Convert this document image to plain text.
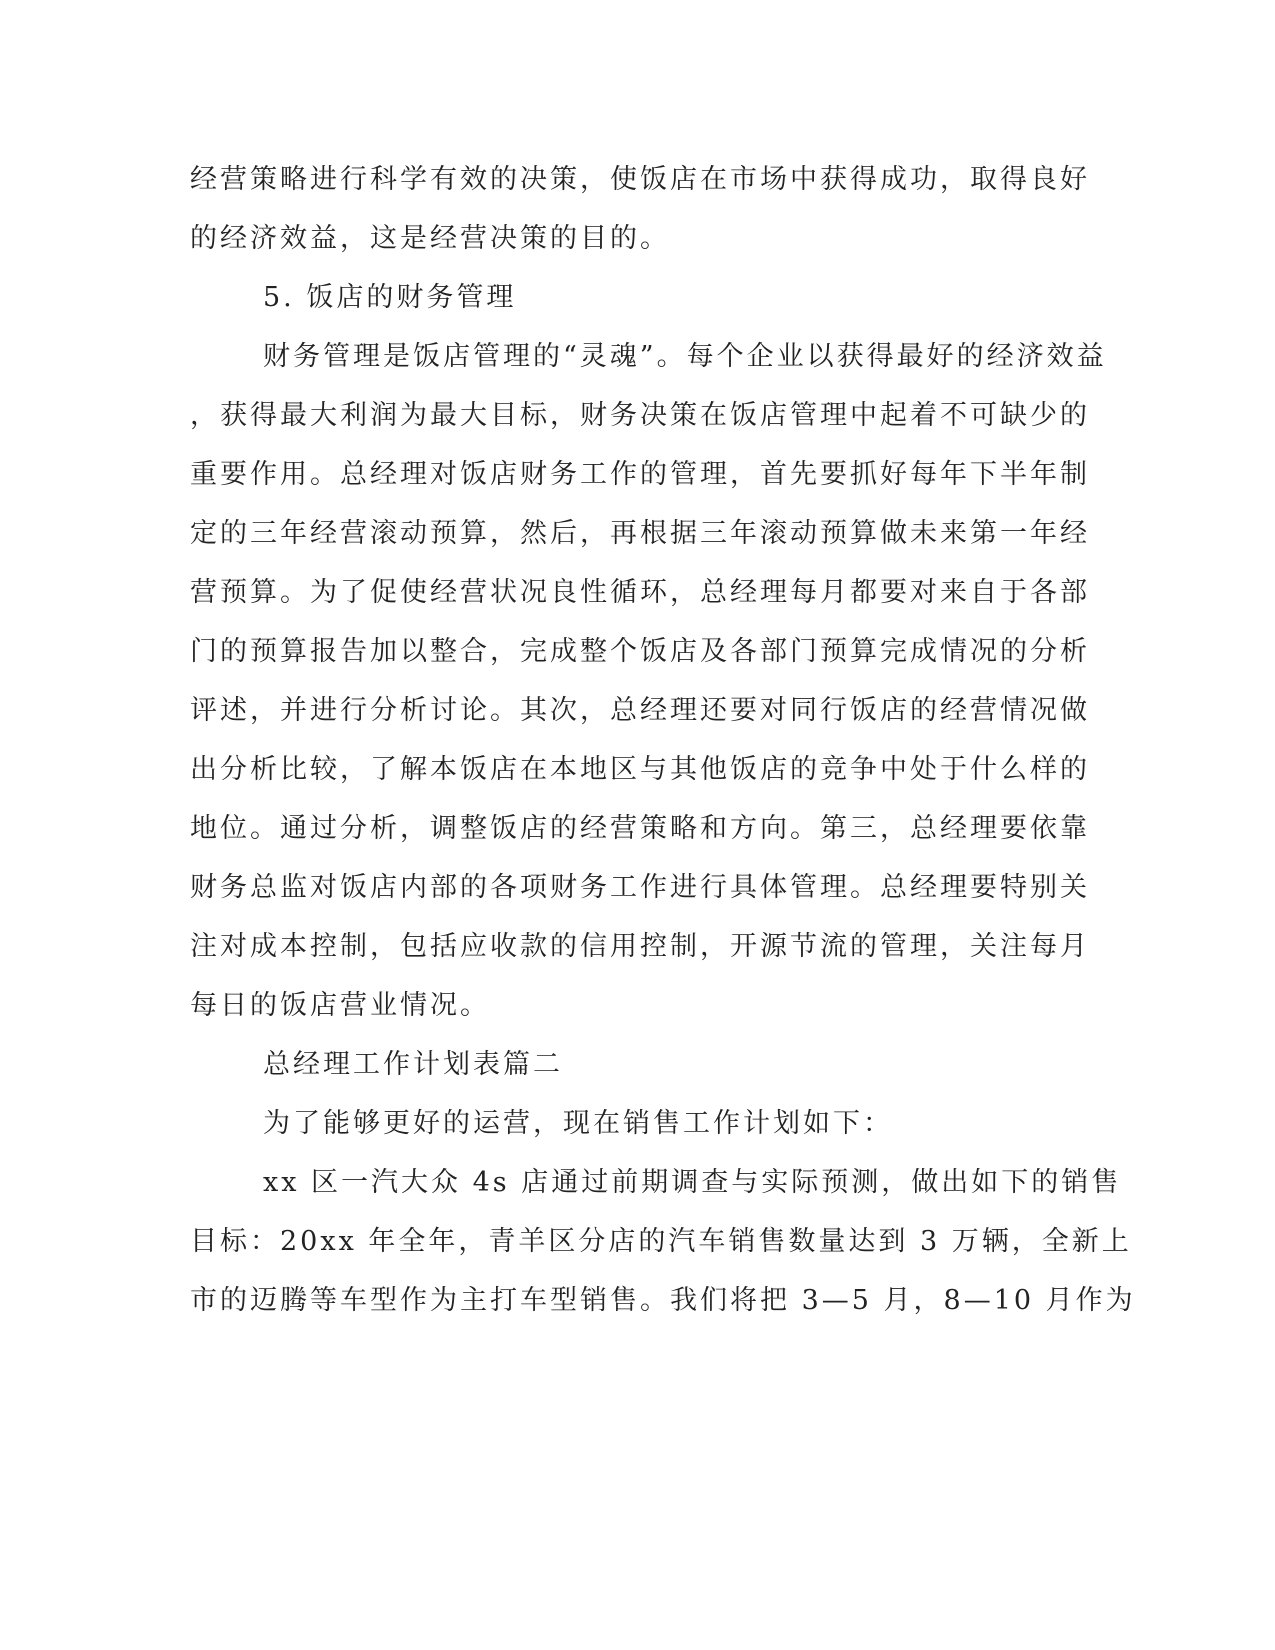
经营策略进行科学有效的决策，使饭店在市场中获得成功，取得良好
的经济效益，这是经营决策的目的。
5. 饭店的财务管理
财务管理是饭店管理的“灵魂”。每个企业以获得最好的经济效益
，获得最大利润为最大目标，财务决策在饭店管理中起着不可缺少的
重要作用。总经理对饭店财务工作的管理，首先要抓好每年下半年制
定的三年经营滚动预算，然后，再根据三年滚动预算做未来第一年经
营预算。为了促使经营状况良性循环，总经理每月都要对来自于各部
门的预算报告加以整合，完成整个饭店及各部门预算完成情况的分析
评述，并进行分析讨论。其次，总经理还要对同行饭店的经营情况做
出分析比较，了解本饭店在本地区与其他饭店的竞争中处于什么样的
地位。通过分析，调整饭店的经营策略和方向。第三，总经理要依靠
财务总监对饭店内部的各项财务工作进行具体管理。总经理要特别关
注对成本控制，包括应收款的信用控制，开源节流的管理，关注每月
每日的饭店营业情况。
总经理工作计划表篇二
为了能够更好的运营，现在销售工作计划如下：
xx 区一汽大众 4s 店通过前期调查与实际预测，做出如下的销售
目标：20xx 年全年，青羊区分店的汽车销售数量达到 3 万辆，全新上
市的迈腾等车型作为主打车型销售。我们将把 3—5 月，8—10 月作为
